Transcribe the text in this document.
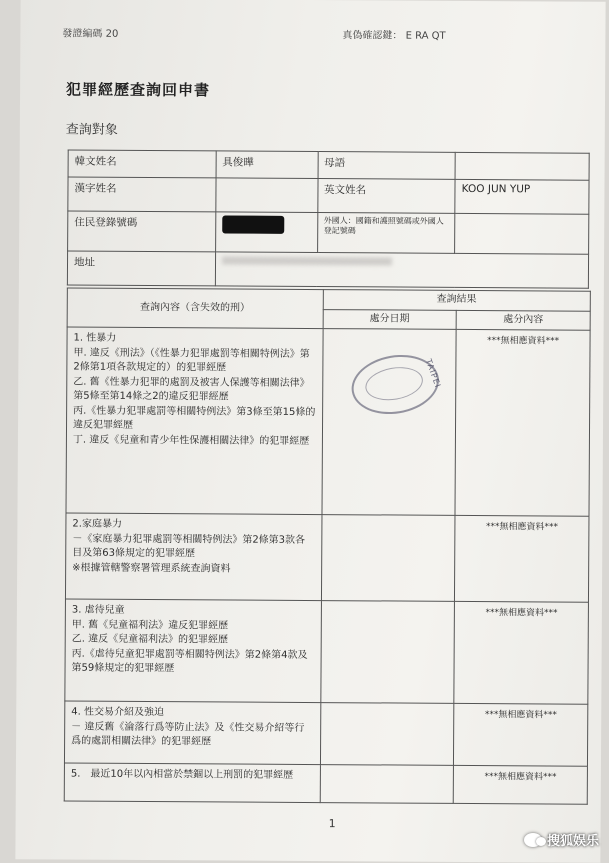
發證編碼 20	真偽確認鍵： E RA QT
犯罪經歷查詢回申書
查詢對象
韓文姓名	具俊曄	母語	
漢字姓名		英文姓名	KOO JUN YUP
住民登錄號碼		外國人：國籍和護照號碼或外國人登記號碼	
地址			
查詢內容（含失效的刑）	查詢結果	
	處分日期	處分內容
1. 性暴力
甲. 違反《刑法》（《性暴力犯罪處罰等相關特例法》第2條第1項各款規定的）的犯罪經歷
乙. 舊《性暴力犯罪的處罰及被害人保護等相關法律》第5條至第14條之2的違反犯罪經歷
丙.《性暴力犯罪處罰等相關特例法》第3條至第15條的違反犯罪經歷
丁. 違反《兒童和青少年性保護相關法律》的犯罪經歷		***無相應資料***
2.家庭暴力
－《家庭暴力犯罪處罰等相關特例法》第2條第3款各目及第63條規定的犯罪經歷
※根據管轄警察署管理系統查詢資料		***無相應資料***
3. 虐待兒童
甲. 舊《兒童福利法》違反犯罪經歷
乙. 違反《兒童福利法》的犯罪經歷
丙.《虐待兒童犯罪處罰等相關特例法》第2條第4款及第59條規定的犯罪經歷		***無相應資料***
4. 性交易介紹及強迫
－ 違反舊《淪落行爲等防止法》及《性交易介紹等行爲的處罰相關法律》的犯罪經歷		***無相應資料***
5.　最近10年以內相當於禁錮以上刑罰的犯罪經歷		***無相應資料***
TAIPEI
1
搜狐娱乐
